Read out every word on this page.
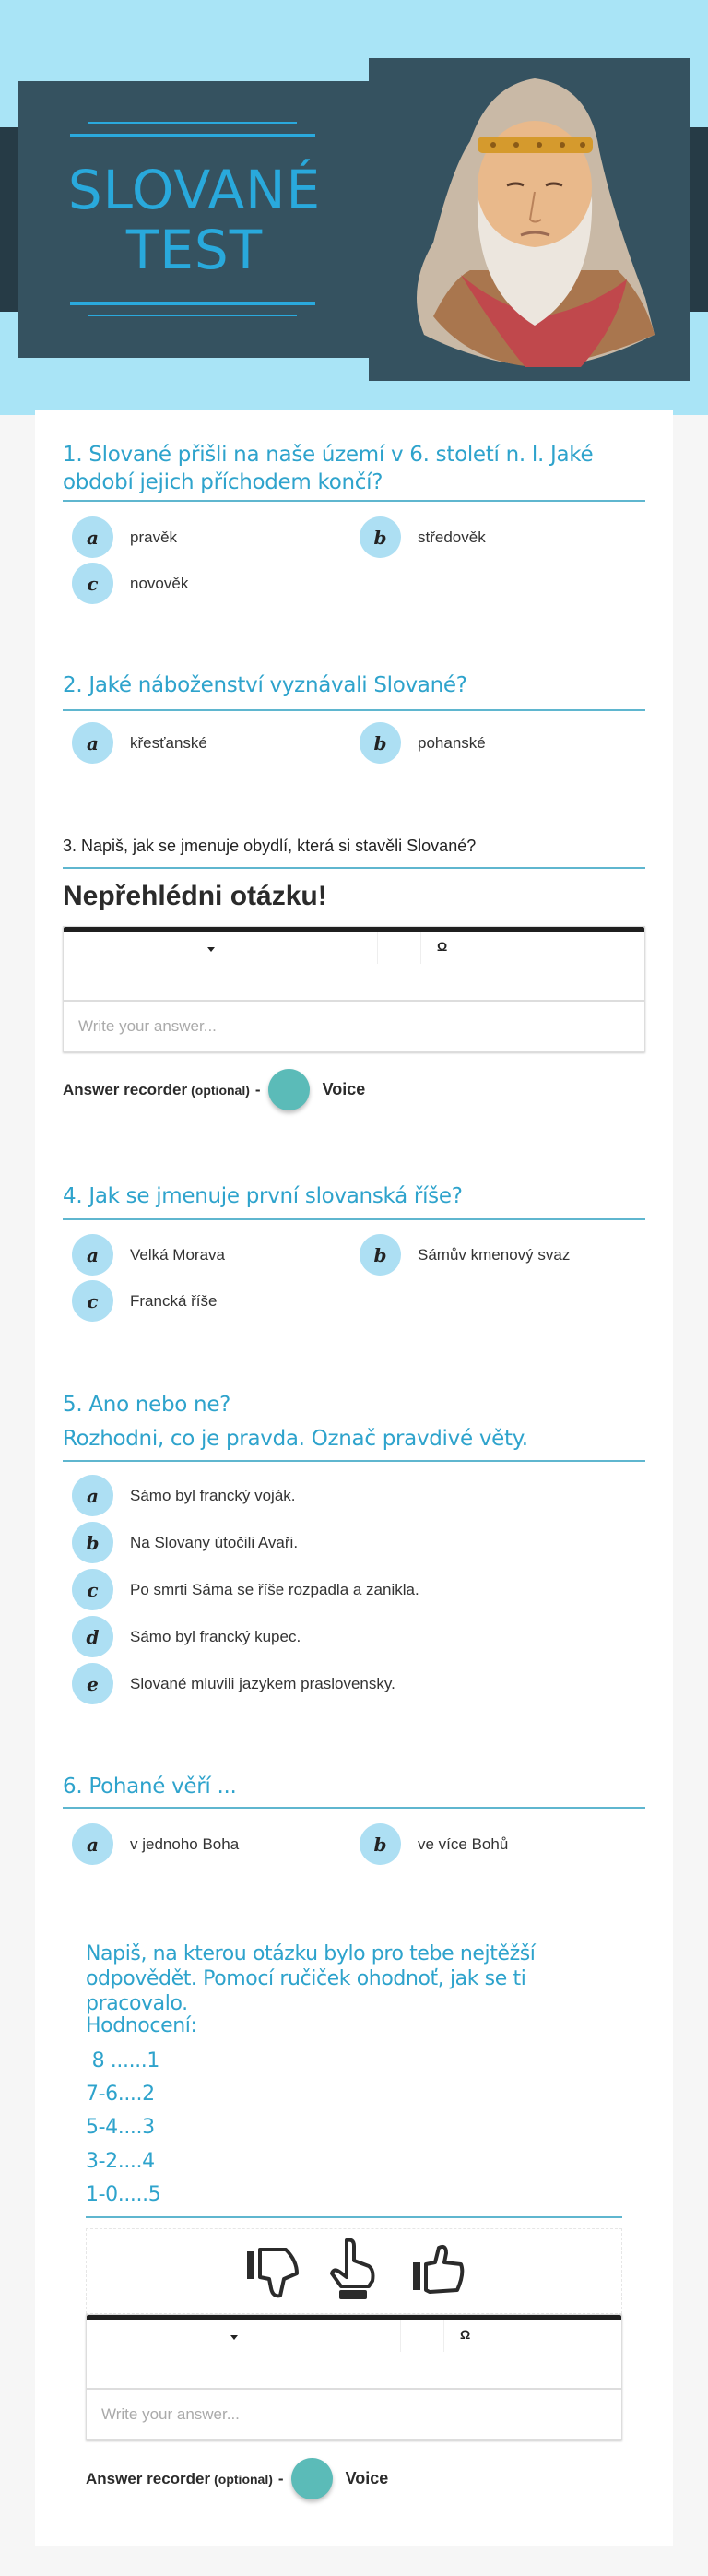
SLOVANÉ
TEST
1. Slované přišli na naše území v 6. století n. l. Jaké období jejich příchodem končí?
a	pravěk	b	středověk
c	novověk
2. Jaké náboženství vyznávali Slované?
a	křesťanské	b	pohanské
3. Napiš, jak se jmenuje obydlí, která si stavěli Slované?
Nepřehlédni otázku!
Ω
Write your answer...
Answer recorder (optional) -	Voice
4. Jak se jmenuje první slovanská říše?
a	Velká Morava	b	Sámův kmenový svaz
c	Francká říše
5. Ano nebo ne?
Rozhodni, co je pravda. Označ pravdivé věty.
a	Sámo byl francký voják.
b	Na Slovany útočili Avaři.
c	Po smrti Sáma se říše rozpadla a zanikla.
d	Sámo byl francký kupec.
e	Slované mluvili jazykem praslovensky.
6. Pohané věří ...
a	v jednoho Boha	b	ve více Bohů
Napiš, na kterou otázku bylo pro tebe nejtěžší
odpovědět. Pomocí ručiček ohodnoť, jak se ti
pracovalo.
Hodnocení:
8 ......1
7-6....2
5-4....3
3-2....4
1-0.....5
Ω
Write your answer...
Answer recorder (optional) -	Voice
